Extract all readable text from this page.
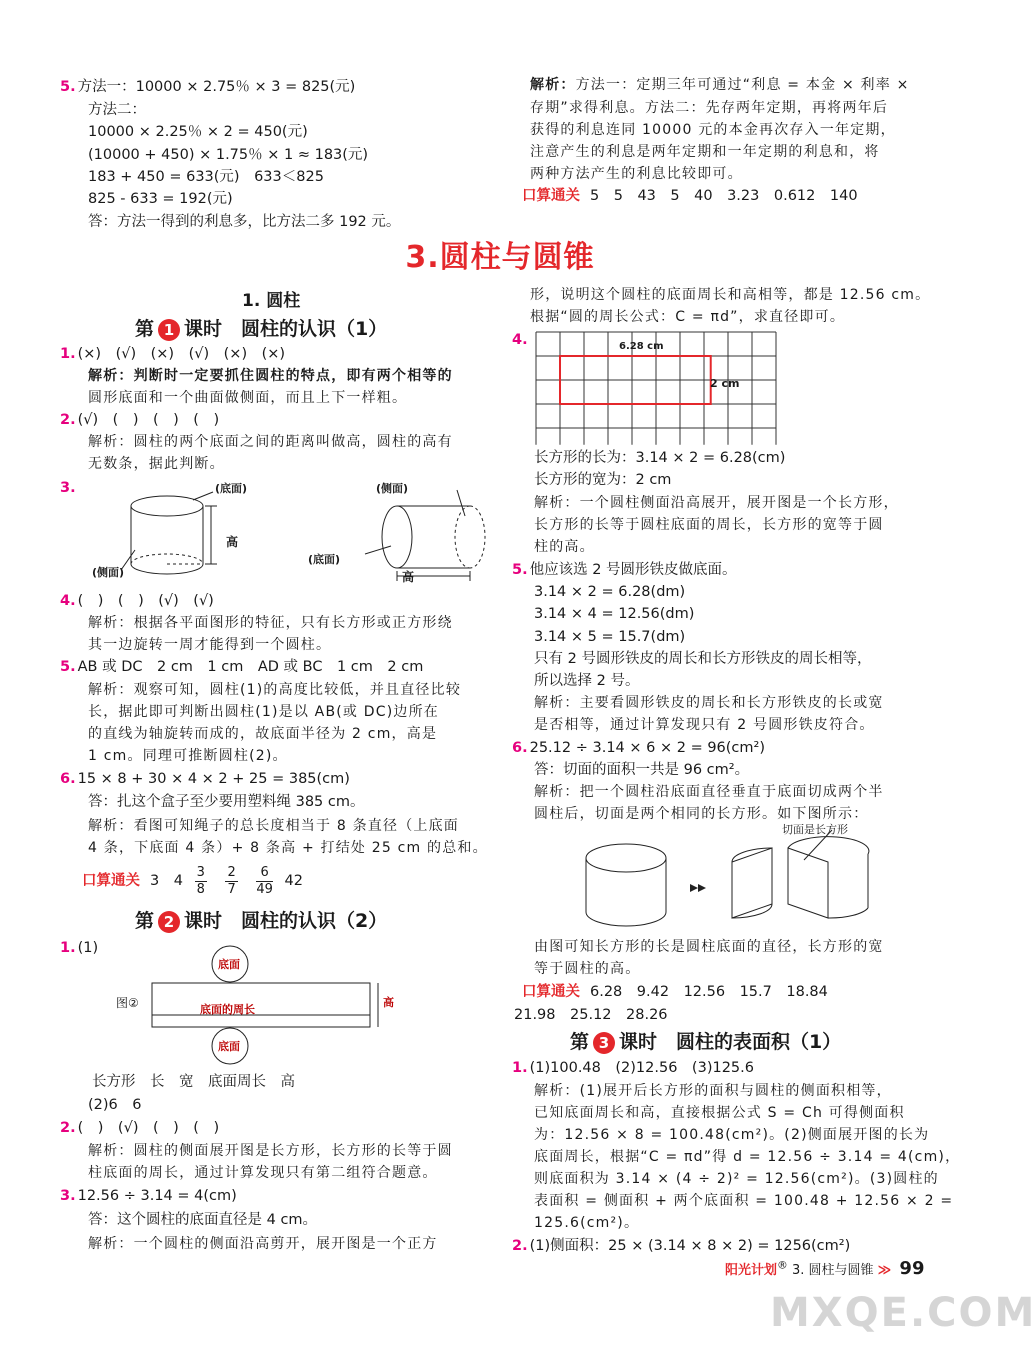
5. 方法一：10000 × 2.75％ × 3 = 825(元)
方法二：
10000 × 2.25％ × 2 = 450(元)
(10000 + 450) × 1.75％ × 1 ≈ 183(元)
183 + 450 = 633(元)　633＜825
825 - 633 = 192(元)
答：方法一得到的利息多，比方法二多 192 元。
解析：方法一：定期三年可通过“利息 = 本金 × 利率 ×
存期”求得利息。方法二：先存两年定期，再将两年后
获得的利息连同 10000 元的本金再次存入一年定期，
注意产生的利息是两年定期和一年定期的利息和，将
两种方法产生的利息比较即可。
口算通关 5　5　43　5　40　3.23　0.612　140
3.圆柱与圆锥
1. 圆柱
第 1 课时　圆柱的认识（1）
1. (×)　(√)　(×)　(√)　(×)　(×)
解析：判断时一定要抓住圆柱的特点，即有两个相等的
圆形底面和一个曲面做侧面，而且上下一样粗。
2. (√)　(　)　(　)　(　)
解析：圆柱的两个底面之间的距离叫做高，圆柱的高有
无数条，据此判断。
3.	(底面)
高
(侧面)
(侧面)
(底面)
高
4. (　)　(　)　(√)　(√)
解析：根据各平面图形的特征，只有长方形或正方形绕
其一边旋转一周才能得到一个圆柱。
5. AB 或 DC　2 cm　1 cm　AD 或 BC　1 cm　2 cm
解析：观察可知，圆柱(1)的高度比较低，并且直径比较
长，据此即可判断出圆柱(1)是以 AB(或 DC)边所在
的直线为轴旋转而成的，故底面半径为 2 cm，高是
1 cm。同理可推断圆柱(2)。
6. 15 × 8 + 30 × 4 × 2 + 25 = 385(cm)
答：扎这个盒子至少要用塑料绳 385 cm。
解析：看图可知绳子的总长度相当于 8 条直径（上底面
4 条，下底面 4 条）+ 8 条高 + 打结处 25 cm 的总和。
口算通关 3　$4 \frac{3}{8}$
$\frac{2}{7}$
$\frac{6}{49} 42$
第 2 课时　圆柱的认识（2）
1. (1)
底面
底面
底面的周长
高
图②
长方形　长　宽　底面周长　高
(2)6　6
2. (　)　(√)　(　)　(　)
解析：圆柱的侧面展开图是长方形，长方形的长等于圆
柱底面的周长，通过计算发现只有第二组符合题意。
3. 12.56 ÷ 3.14 = 4(cm)
答：这个圆柱的底面直径是 4 cm。
解析：一个圆柱的侧面沿高剪开，展开图是一个正方
形，说明这个圆柱的底面周长和高相等，都是 12.56 cm。
根据“圆的周长公式：C = πd”，求直径即可。
4.	6.28 cm
2 cm
长方形的长为：3.14 × 2 = 6.28(cm)
长方形的宽为：2 cm
解析：一个圆柱侧面沿高展开，展开图是一个长方形，
长方形的长等于圆柱底面的周长，长方形的宽等于圆
柱的高。
5. 他应该选 2 号圆形铁皮做底面。
3.14 × 2 = 6.28(dm)
3.14 × 4 = 12.56(dm)
3.14 × 5 = 15.7(dm)
只有 2 号圆形铁皮的周长和长方形铁皮的周长相等，
所以选择 2 号。
解析：主要看圆形铁皮的周长和长方形铁皮的长或宽
是否相等，通过计算发现只有 2 号圆形铁皮符合。
6. 25.12 ÷ 3.14 × 6 × 2 = 96(cm²)
答：切面的面积一共是 96 cm²。
解析：把一个圆柱沿底面直径垂直于底面切成两个半
圆柱后，切面是两个相同的长方形。如下图所示：
切面是长方形
由图可知长方形的长是圆柱底面的直径，长方形的宽
等于圆柱的高。
口算通关 6.28　9.42　12.56　15.7　18.84
21.98　25.12　28.26
第 3 课时　圆柱的表面积（1）
1. (1)100.48　(2)12.56　(3)125.6
解析：(1)展开后长方形的面积与圆柱的侧面积相等，
已知底面周长和高，直接根据公式 S = Ch 可得侧面积
为：12.56 × 8 = 100.48(cm²)。(2)侧面展开图的长为
底面周长，根据“C = πd”得 d = 12.56 ÷ 3.14 = 4(cm)，
则底面积为 3.14 × (4 ÷ 2)² = 12.56(cm²)。(3)圆柱的
表面积 = 侧面积 + 两个底面积 = 100.48 + 12.56 × 2 =
125.6(cm²)。
2. (1)侧面积：25 × (3.14 × 8 × 2) = 1256(cm²)
阳光计划® 3. 圆柱与圆锥 ≫ 99
MXQE.COM
